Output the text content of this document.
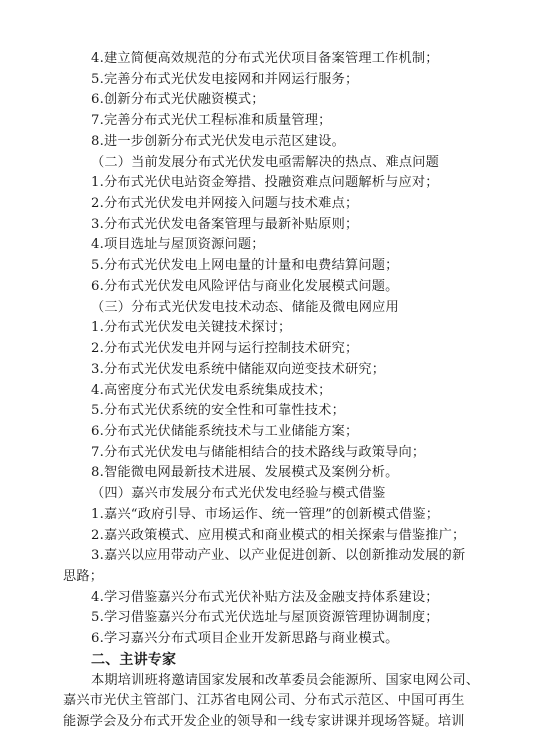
4.建立简便高效规范的分布式光伏项目备案管理工作机制；
5.完善分布式光伏发电接网和并网运行服务；
6.创新分布式光伏融资模式；
7.完善分布式光伏工程标准和质量管理；
8.进一步创新分布式光伏发电示范区建设。
（二）当前发展分布式光伏发电亟需解决的热点、难点问题
1.分布式光伏电站资金筹措、投融资难点问题解析与应对；
2.分布式光伏发电并网接入问题与技术难点；
3.分布式光伏发电备案管理与最新补贴原则；
4.项目选址与屋顶资源问题；
5.分布式光伏发电上网电量的计量和电费结算问题；
6.分布式光伏发电风险评估与商业化发展模式问题。
（三）分布式光伏发电技术动态、储能及微电网应用
1.分布式光伏发电关键技术探讨；
2.分布式光伏发电并网与运行控制技术研究；
3.分布式光伏发电系统中储能双向逆变技术研究；
4.高密度分布式光伏发电系统集成技术；
5.分布式光伏系统的安全性和可靠性技术；
6.分布式光伏储能系统技术与工业储能方案；
7.分布式光伏发电与储能相结合的技术路线与政策导向；
8.智能微电网最新技术进展、发展模式及案例分析。
（四）嘉兴市发展分布式光伏发电经验与模式借鉴
1.嘉兴“政府引导、市场运作、统一管理”的创新模式借鉴；
2.嘉兴政策模式、应用模式和商业模式的相关探索与借鉴推广；
3.嘉兴以应用带动产业、以产业促进创新、以创新推动发展的新
思路；
4.学习借鉴嘉兴分布式光伏补贴方法及金融支持体系建设；
5.学习借鉴嘉兴分布式光伏选址与屋顶资源管理协调制度；
6.学习嘉兴分布式项目企业开发新思路与商业模式。
二、主讲专家
本期培训班将邀请国家发展和改革委员会能源所、国家电网公司、
嘉兴市光伏主管部门、江苏省电网公司、分布式示范区、中国可再生
能源学会及分布式开发企业的领导和一线专家讲课并现场答疑。培训
